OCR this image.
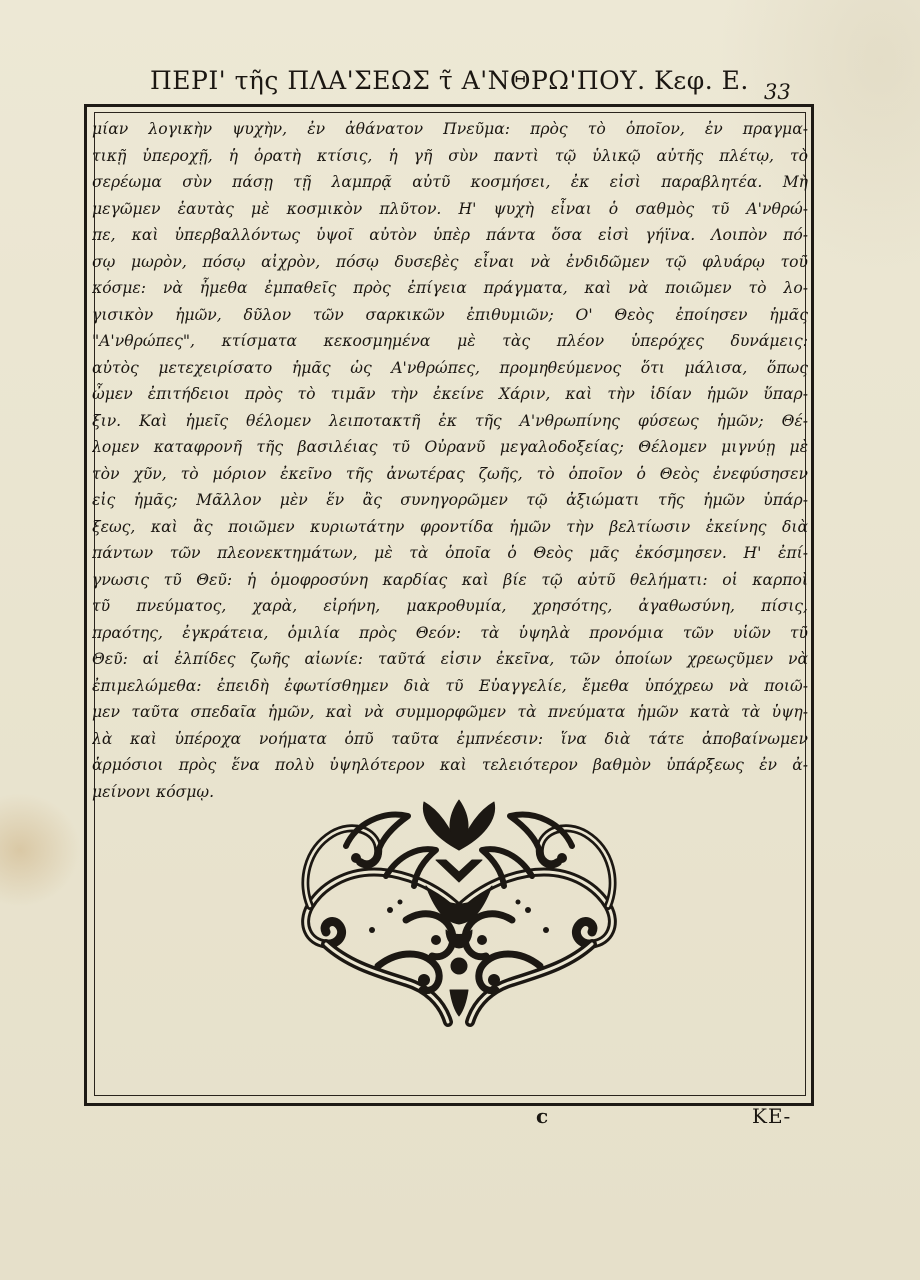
ΠΕΡΙ' τῆς ΠΛΑ'ΣΕΩΣ τ̃ Α'ΝΘΡΩ'ΠΟΥ. Κεφ. Ε. 33
μίαν λογικὴν ψυχὴν, ἐν ἀθάνατον Πνεῦμα: πρὸς τὸ ὁποῖον, ἐν πραγμα-
τικῇ ὑπεροχῇ, ἡ ὁρατὴ κτίσις, ἡ γῆ σὺν παντὶ τῷ ὑλικῷ αὐτῆς πλέτῳ, τὸ
σερέωμα σὺν πάσῃ τῇ λαμπρᾷ αὐτῦ κοσμήσει, ἐκ εἰσὶ παραβλητέα. Μὴ
μεγῶμεν ἑαυτὰς μὲ κοσμικὸν πλῦτον. Η' ψυχὴ εἶναι ὁ σαθμὸς τῦ Α'νθρώ-
πε, καὶ ὑπερβαλλόντως ὑψοῖ αὐτὸν ὑπὲρ πάντα ὅσα εἰσὶ γήϊνα. Λοιπὸν πό-
σῳ μωρὸν, πόσῳ αἰχρὸν, πόσῳ δυσεβὲς εἶναι νὰ ἐνδιδῶμεν τῷ φλυάρῳ τοῦ
κόσμε: νὰ ἦμεθα ἐμπαθεῖς πρὸς ἐπίγεια πράγματα, καὶ νὰ ποιῶμεν τὸ λο-
γισικὸν ἡμῶν, δῦλον τῶν σαρκικῶν ἐπιθυμιῶν; Ο' Θεὸς ἐποίησεν ἡμᾶς
"Α'νθρώπες", κτίσματα κεκοσμημένα μὲ τὰς πλέον ὑπερόχες δυνάμεις:
αὐτὸς μετεχειρίσατο ἡμᾶς ὡς Α'νθρώπες, προμηθεύμενος ὅτι μάλισα, ὅπως
ὦμεν ἐπιτήδειοι πρὸς τὸ τιμᾶν τὴν ἐκείνε Χάριν, καὶ τὴν ἰδίαν ἡμῶν ὕπαρ-
ξιν. Καὶ ἡμεῖς θέλομεν λειποτακτῆ ἐκ τῆς Α'νθρωπίνης φύσεως ἡμῶν; Θέ-
λομεν καταφρονῆ τῆς βασιλέιας τῦ Οὐρανῦ μεγαλοδοξείας; Θέλομεν μιγνύῃ μὲ
τὸν χῦν, τὸ μόριον ἐκεῖνο τῆς ἀνωτέρας ζωῆς, τὸ ὁποῖον ὁ Θεὸς ἐνεφύσησεν
εἰς ἡμᾶς; Μᾶλλον μὲν ἕν ἂς συνηγορῶμεν τῷ ἀξιώματι τῆς ἡμῶν ὑπάρ-
ξεως, καὶ ἂς ποιῶμεν κυριωτάτην φροντίδα ἡμῶν τὴν βελτίωσιν ἐκείνης διὰ
πάντων τῶν πλεονεκτημάτων, μὲ τὰ ὁποῖα ὁ Θεὸς μᾶς ἐκόσμησεν. Η' ἐπί-
γνωσις τῦ Θεῦ: ἡ ὁμοφροσύνη καρδίας καὶ βίε τῷ αὐτῦ θελήματι: οἱ καρποὶ
τῦ πνεύματος, χαρὰ, εἰρήνη, μακροθυμία, χρησότης, ἀγαθωσύνη, πίσις,
πραότης, ἐγκράτεια, ὁμιλία πρὸς Θεόν: τὰ ὑψηλὰ προνόμια τῶν υἱῶν τῦ
Θεῦ: αἱ ἐλπίδες ζωῆς αἰωνίε: ταῦτά εἰσιν ἐκεῖνα, τῶν ὁποίων χρεωςῦμεν νὰ
ἐπιμελώμεθα: ἐπειδὴ ἐφωτίσθημεν διὰ τῦ Εὐαγγελίε, ἔμεθα ὑπόχρεω νὰ ποιῶ-
μεν ταῦτα σπεδαῖα ἡμῶν, καὶ νὰ συμμορφῶμεν τὰ πνεύματα ἡμῶν κατὰ τὰ ὑψη-
λὰ καὶ ὑπέροχα νοήματα ὁπῦ ταῦτα ἐμπνέεσιν: ἵνα διὰ τάτε ἀποβαίνωμεν
ἁρμόσιοι πρὸς ἕνα πολὺ ὑψηλότερον καὶ τελειότερον βαθμὸν ὑπάρξεως ἐν ἀ-
μείνονι κόσμῳ.
c	ΚΕ-
